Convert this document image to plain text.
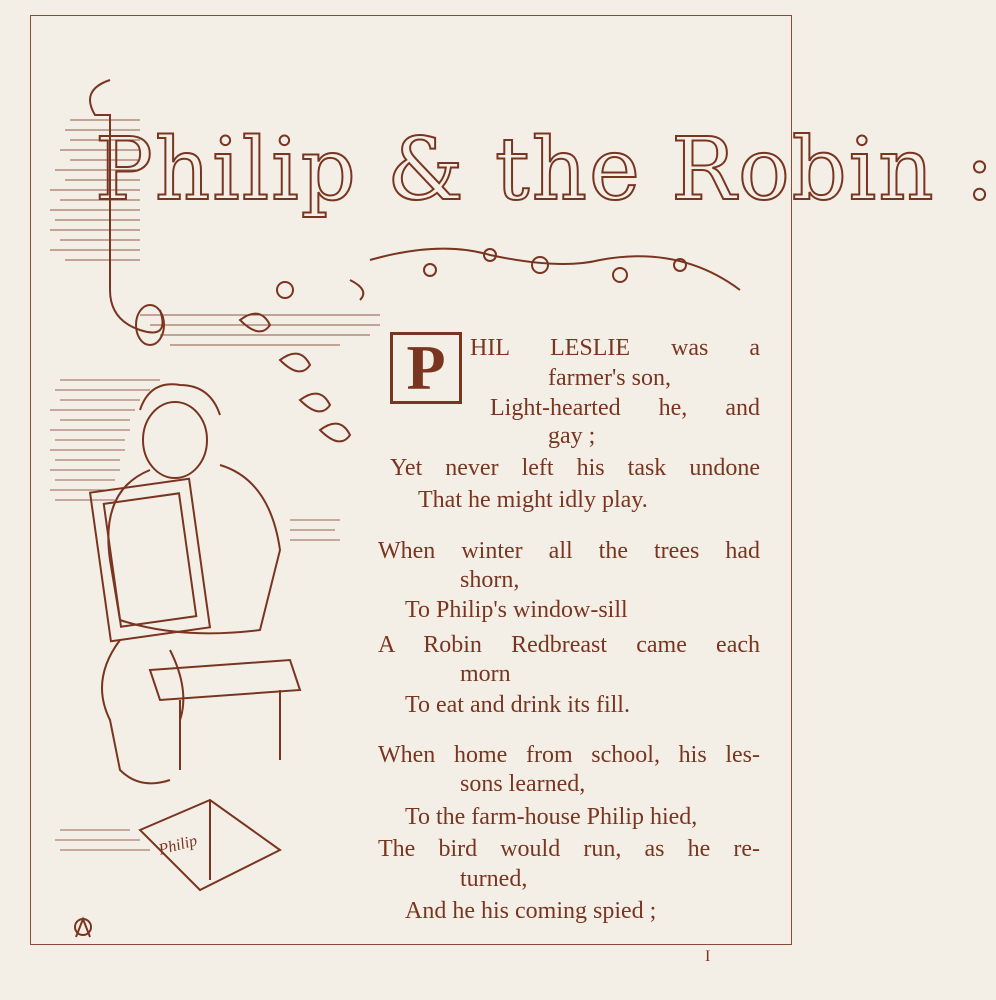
Philip & the Robin :
Philip
P	HIL LESLIE was a
farmer's son,
Light-hearted he, and
gay ;
Yet never left his task undone
That he might idly play.
When winter all the trees had
shorn,
To Philip's window-sill
A Robin Redbreast came each
morn
To eat and drink its fill.
When home from school, his les-
sons learned,
To the farm-house Philip hied,
The bird would run, as he re-
turned,
And he his coming spied ;
I
